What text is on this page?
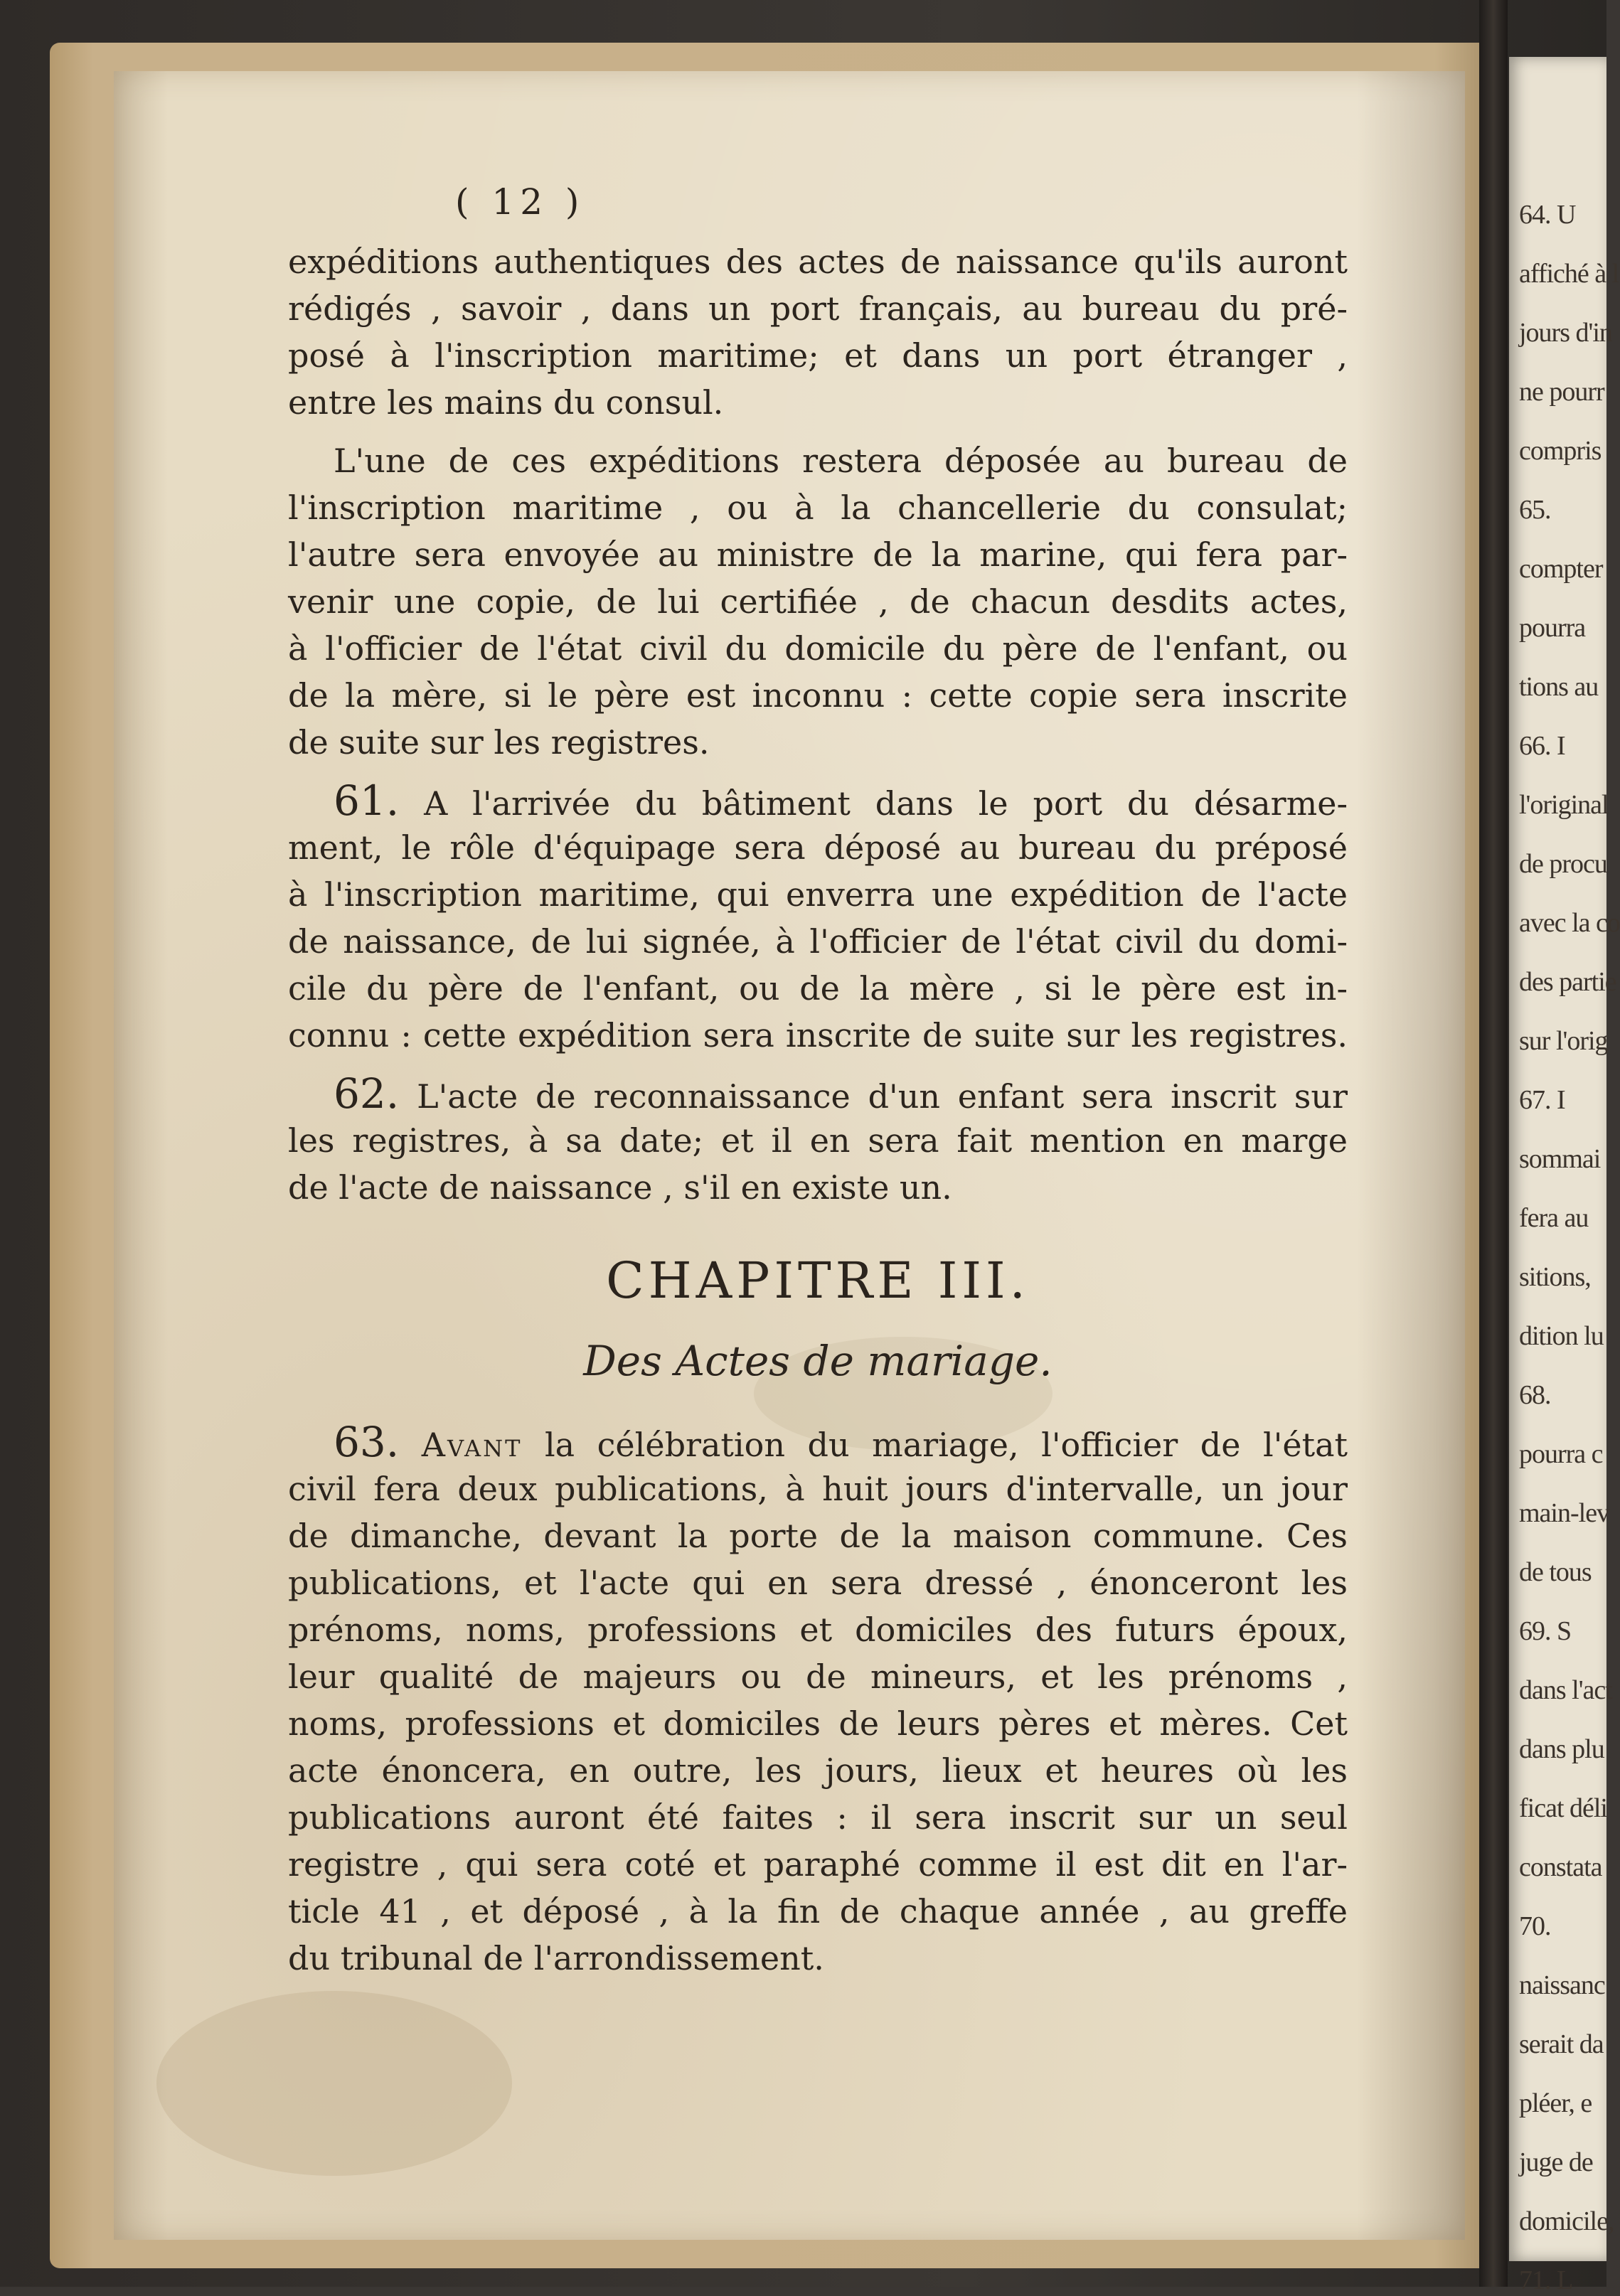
64. U
affiché à l
jours d'in
ne pourr
compris
65.
compter
pourra
tions au
66. I
l'original
de procu
avec la co
des partie
sur l'orig
67. I
sommai
fera au
sitions,
dition lu
68.
pourra c
main-lev
de tous
69. S
dans l'act
dans plu
ficat déli
constata
70.
naissanc
serait da
pléer, e
juge de
domicile,
71. L
( 12 )
expéditions authentiques des actes de naissance qu'ils auront
rédigés , savoir , dans un port français, au bureau du pré-
posé à l'inscription maritime; et dans un port étranger ,
entre les mains du consul.
L'une de ces expéditions restera déposée au bureau de
l'inscription maritime , ou à la chancellerie du consulat;
l'autre sera envoyée au ministre de la marine, qui fera par-
venir une copie, de lui certifiée , de chacun desdits actes,
à l'officier de l'état civil du domicile du père de l'enfant, ou
de la mère, si le père est inconnu : cette copie sera inscrite
de suite sur les registres.
61. A l'arrivée du bâtiment dans le port du désarme-
ment, le rôle d'équipage sera déposé au bureau du préposé
à l'inscription maritime, qui enverra une expédition de l'acte
de naissance, de lui signée, à l'officier de l'état civil du domi-
cile du père de l'enfant, ou de la mère , si le père est in-
connu : cette expédition sera inscrite de suite sur les registres.
62. L'acte de reconnaissance d'un enfant sera inscrit sur
les registres, à sa date; et il en sera fait mention en marge
de l'acte de naissance , s'il en existe un.
CHAPITRE III.
Des Actes de mariage.
63. Avant la célébration du mariage, l'officier de l'état
civil fera deux publications, à huit jours d'intervalle, un jour
de dimanche, devant la porte de la maison commune. Ces
publications, et l'acte qui en sera dressé , énonceront les
prénoms, noms, professions et domiciles des futurs époux,
leur qualité de majeurs ou de mineurs, et les prénoms ,
noms, professions et domiciles de leurs pères et mères. Cet
acte énoncera, en outre, les jours, lieux et heures où les
publications auront été faites : il sera inscrit sur un seul
registre , qui sera coté et paraphé comme il est dit en l'ar-
ticle 41 , et déposé , à la fin de chaque année , au greffe
du tribunal de l'arrondissement.
